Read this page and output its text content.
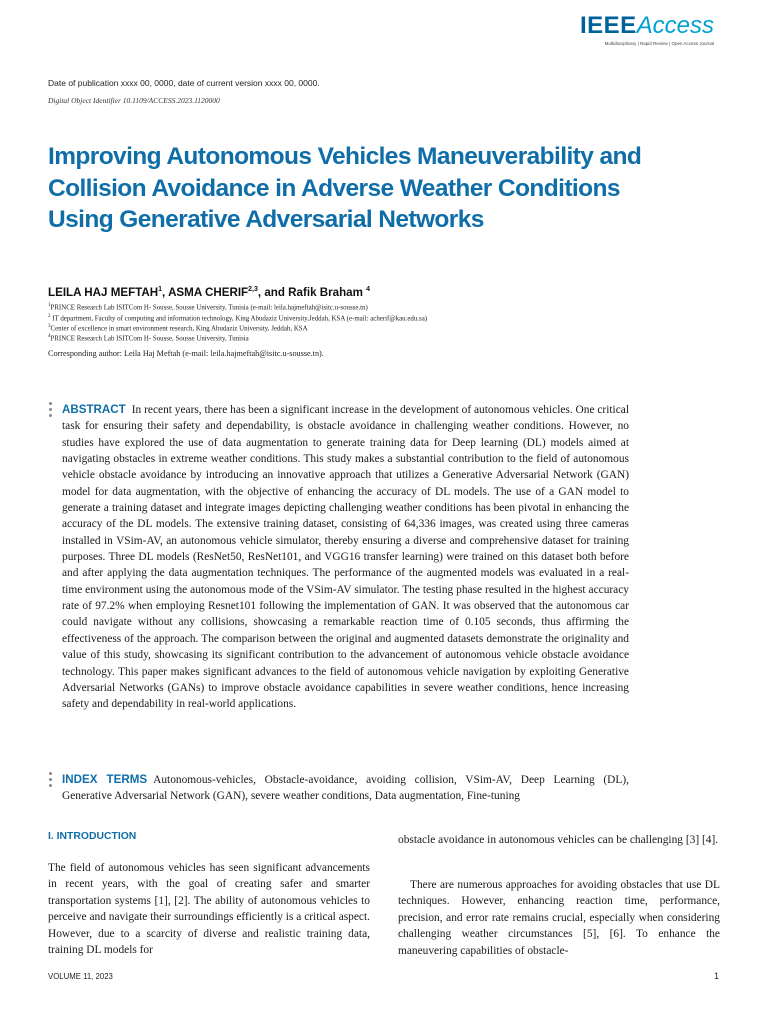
IEEEAccess
Multidisciplinary | Rapid Review | Open Access Journal
Date of publication xxxx 00, 0000, date of current version xxxx 00, 0000.
Digital Object Identifier 10.1109/ACCESS.2023.1120000
Improving Autonomous Vehicles Maneuverability and Collision Avoidance in Adverse Weather Conditions Using Generative Adversarial Networks
LEILA HAJ MEFTAH$^1$, ASMA CHERIF$^{2,3}$, and Rafik Braham $^4$
$^1$PRINCE Research Lab ISITCom H- Sousse, Sousse University, Tunisia (e-mail: leila.hajmeftah@isitc.u-sousse.tn)
$^2$ IT department, Faculty of computing and information technology, King Abudaziz University,Jeddah, KSA (e-mail: acherif@kau.edu.sa)
$^3$Center of excellence in smart environment research, King Abudaziz University, Jeddah, KSA
$^4$PRINCE Research Lab ISITCom H- Sousse, Sousse University, Tunisia
Corresponding author: Leila Haj Meftah (e-mail: leila.hajmeftah@isitc.u-sousse.tn).
ABSTRACT In recent years, there has been a significant increase in the development of autonomous vehicles. One critical task for ensuring their safety and dependability, is obstacle avoidance in challenging weather conditions. However, no studies have explored the use of data augmentation to generate training data for Deep learning (DL) models aimed at navigating obstacles in extreme weather conditions. This study makes a substantial contribution to the field of autonomous vehicle obstacle avoidance by introducing an innovative approach that utilizes a Generative Adversarial Network (GAN) model for data augmentation, with the objective of enhancing the accuracy of DL models. The use of a GAN model to generate a training dataset and integrate images depicting challenging weather conditions has been pivotal in enhancing the accuracy of the DL models. The extensive training dataset, consisting of 64,336 images, was created using three cameras installed in VSim-AV, an autonomous vehicle simulator, thereby ensuring a diverse and comprehensive dataset for training purposes. Three DL models (ResNet50, ResNet101, and VGG16 transfer learning) were trained on this dataset both before and after applying the data augmentation techniques. The performance of the augmented models was evaluated in a real-time environment using the autonomous mode of the VSim-AV simulator. The testing phase resulted in the highest accuracy rate of 97.2% when employing Resnet101 following the implementation of GAN. It was observed that the autonomous car could navigate without any collisions, showcasing a remarkable reaction time of 0.105 seconds, thus affirming the effectiveness of the approach. The comparison between the original and augmented datasets demonstrate the originality and value of this study, showcasing its significant contribution to the advancement of autonomous vehicle obstacle avoidance technology. This paper makes significant advances to the field of autonomous vehicle navigation by exploiting Generative Adversarial Networks (GANs) to improve obstacle avoidance capabilities in severe weather conditions, hence increasing safety and dependability in real-world applications.
INDEX TERMS Autonomous-vehicles, Obstacle-avoidance, avoiding collision, VSim-AV, Deep Learning (DL), Generative Adversarial Network (GAN), severe weather conditions, Data augmentation, Fine-tuning
I. INTRODUCTION
The field of autonomous vehicles has seen significant advancements in recent years, with the goal of creating safer and smarter transportation systems [1], [2]. The ability of autonomous vehicles to perceive and navigate their surroundings efficiently is a critical aspect. However, due to a scarcity of diverse and realistic training data, training DL models for
obstacle avoidance in autonomous vehicles can be challenging [3] [4].
There are numerous approaches for avoiding obstacles that use DL techniques. However, enhancing reaction time, performance, precision, and error rate remains crucial, especially when considering challenging weather circumstances [5], [6]. To enhance the maneuvering capabilities of obstacle-
VOLUME 11, 2023	1
